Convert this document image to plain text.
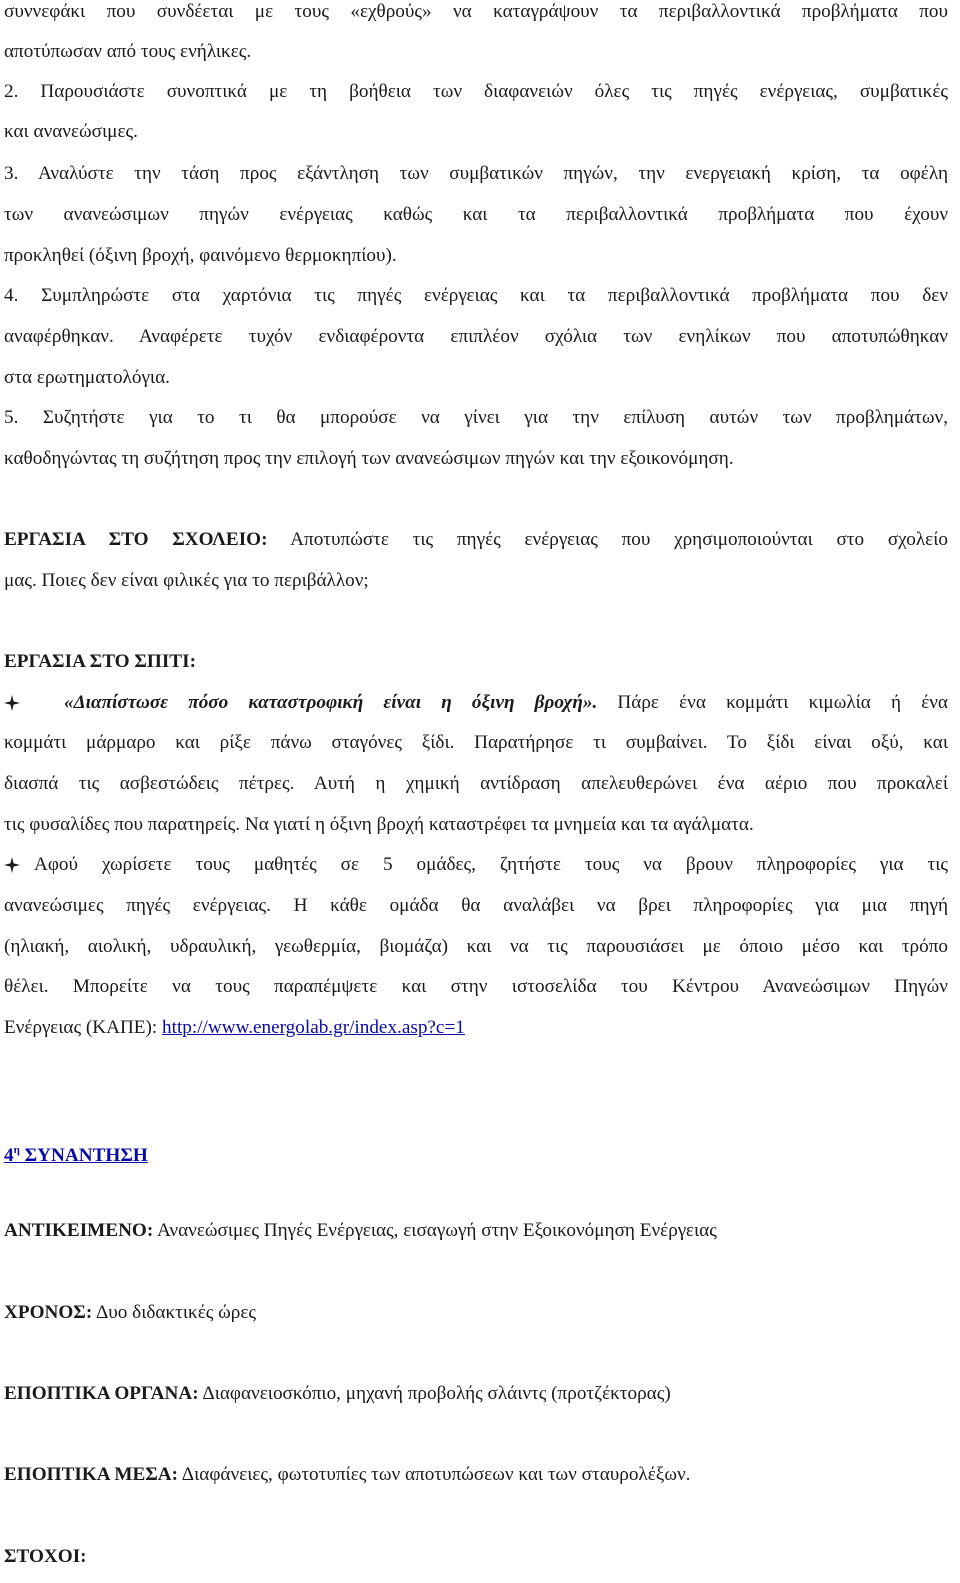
συννεφάκι που συνδέεται με τους «εχθρούς» να καταγράψουν τα περιβαλλοντικά προβλήματα που
αποτύπωσαν από τους ενήλικες.
2. Παρουσιάστε συνοπτικά με τη βοήθεια των διαφανειών όλες τις πηγές ενέργειας, συμβατικές
και ανανεώσιμες.
3. Αναλύστε την τάση προς εξάντληση των συμβατικών πηγών, την ενεργειακή κρίση, τα οφέλη
των ανανεώσιμων πηγών ενέργειας καθώς και τα περιβαλλοντικά προβλήματα που έχουν
προκληθεί (όξινη βροχή, φαινόμενο θερμοκηπίου).
4. Συμπληρώστε στα χαρτόνια τις πηγές ενέργειας και τα περιβαλλοντικά προβλήματα που δεν
αναφέρθηκαν. Αναφέρετε τυχόν ενδιαφέροντα επιπλέον σχόλια των ενηλίκων που αποτυπώθηκαν
στα ερωτηματολόγια.
5. Συζητήστε για το τι θα μπορούσε να γίνει για την επίλυση αυτών των προβλημάτων,
καθοδηγώντας τη συζήτηση προς την επιλογή των ανανεώσιμων πηγών και την εξοικονόμηση.
ΕΡΓΑΣΙΑ ΣΤΟ ΣΧΟΛΕΙΟ: Αποτυπώστε τις πηγές ενέργειας που χρησιμοποιούνται στο σχολείο
μας. Ποιες δεν είναι φιλικές για το περιβάλλον;
ΕΡΓΑΣΙΑ ΣΤΟ ΣΠΙΤΙ:
«Διαπίστωσε πόσο καταστροφική είναι η όξινη βροχή». Πάρε ένα κομμάτι κιμωλία ή ένα
κομμάτι μάρμαρο και ρίξε πάνω σταγόνες ξίδι. Παρατήρησε τι συμβαίνει. Το ξίδι είναι οξύ, και
διασπά τις ασβεστώδεις πέτρες. Αυτή η χημική αντίδραση απελευθερώνει ένα αέριο που προκαλεί
τις φυσαλίδες που παρατηρείς. Να γιατί η όξινη βροχή καταστρέφει τα μνημεία και τα αγάλματα.
Αφού χωρίσετε τους μαθητές σε 5 ομάδες, ζητήστε τους να βρουν πληροφορίες για τις
ανανεώσιμες πηγές ενέργειας. Η κάθε ομάδα θα αναλάβει να βρει πληροφορίες για μια πηγή
(ηλιακή, αιολική, υδραυλική, γεωθερμία, βιομάζα) και να τις παρουσιάσει με όποιο μέσο και τρόπο
θέλει. Μπορείτε να τους παραπέμψετε και στην ιστοσελίδα του Κέντρου Ανανεώσιμων Πηγών
Ενέργειας (ΚΑΠΕ): http://www.energolab.gr/index.asp?c=1
$4^\eta$ ΣΥΝΑΝΤΗΣΗ
ΑΝΤΙΚΕΙΜΕΝΟ: Ανανεώσιμες Πηγές Ενέργειας, εισαγωγή στην Εξοικονόμηση Ενέργειας
ΧΡΟΝΟΣ: Δυο διδακτικές ώρες
ΕΠΟΠΤΙΚΑ ΟΡΓΑΝΑ: Διαφανειοσκόπιο, μηχανή προβολής σλάιντς (προτζέκτορας)
ΕΠΟΠΤΙΚΑ ΜΕΣΑ: Διαφάνειες, φωτοτυπίες των αποτυπώσεων και των σταυρολέξων.
ΣΤΟΧΟΙ:
